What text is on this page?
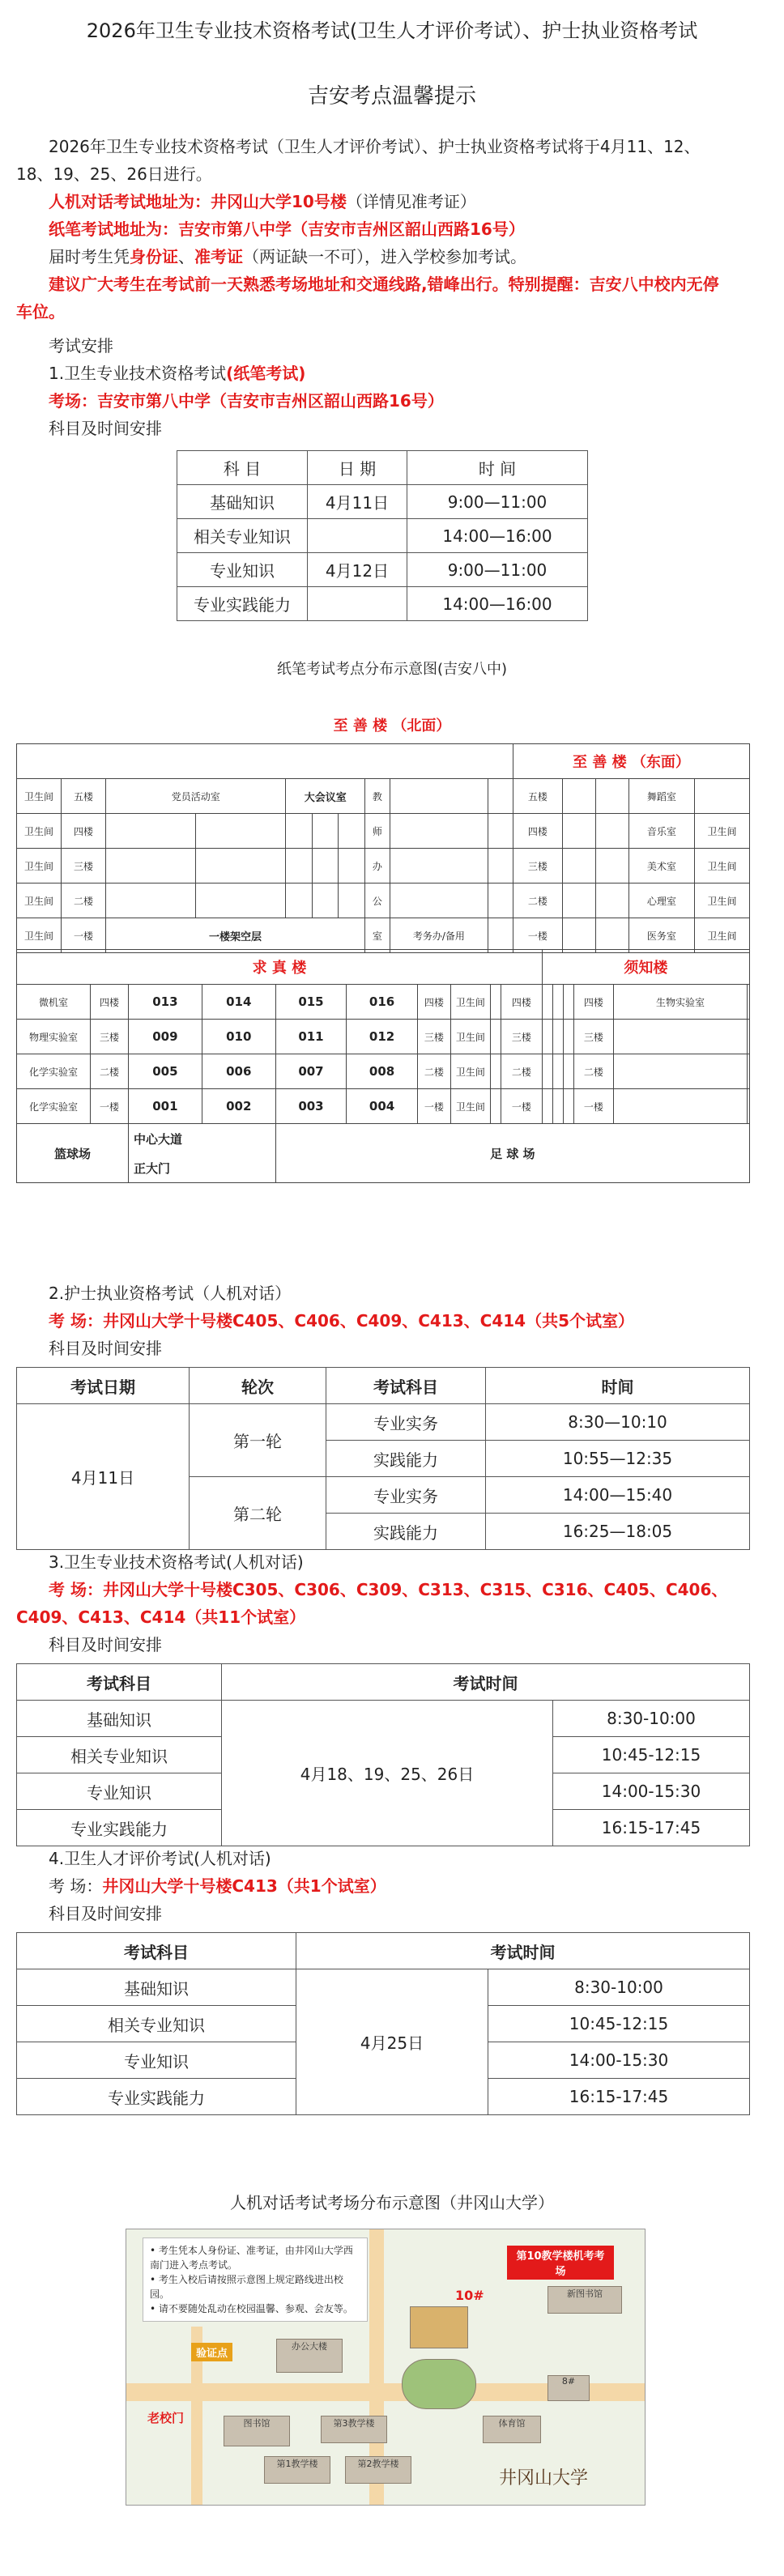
2026年卫生专业技术资格考试(卫生人才评价考试）、护士执业资格考试
吉安考点温馨提示

2026年卫生专业技术资格考试（卫生人才评价考试）、护士执业资格考试将于4月11、12、

18、19、25、26日进行。

人机对话考试地址为：井冈山大学10号楼（详情见准考证）

纸笔考试地址为：吉安市第八中学（吉安市吉州区韶山西路16号）

届时考生凭身份证、准考证（两证缺一不可），进入学校参加考试。

建议广大考生在考试前一天熟悉考场地址和交通线路,错峰出行。特别提醒：吉安八中校内无停

车位。

考试安排

1.卫生专业技术资格考试(纸笔考试)

考场：吉安市第八中学（吉安市吉州区韶山西路16号）

科目及时间安排

科 目	日 期	时 间
基础知识	4月11日	9:00—11:00
相关专业知识		14:00—16:00
专业知识	4月12日	9:00—11:00
专业实践能力		14:00—16:00
纸笔考试考点分布示意图(吉安八中)
至 善 楼 （北面）
										至 善 楼 （东面）				
卫生间	五楼	党员活动室		大会议室			教			五楼			舞蹈室	
卫生间	四楼						师			四楼			音乐室	卫生间
卫生间	三楼						办			三楼			美术室	卫生间
卫生间	二楼						公			二楼			心理室	卫生间
卫生间	一楼	一楼架空层					室	考务办/备用		一楼			医务室	卫生间
求 真 楼										须知楼					
微机室	四楼	013	014	015	016	四楼	卫生间		四楼				四楼	生物实验室	
物理实验室	三楼	009	010	011	012	三楼	卫生间		三楼				三楼		
化学实验室	二楼	005	006	007	008	二楼	卫生间		二楼				二楼		
化学实验室	一楼	001	002	003	004	一楼	卫生间		一楼				一楼		
篮球场		中心大道		足 球 场											
		正大门													

2.护士执业资格考试（人机对话）

考 场：井冈山大学十号楼C405、C406、C409、C413、C414（共5个试室）

科目及时间安排

考试日期	轮次	考试科目	时间
4月11日	第一轮	专业实务	8:30—10:10
		实践能力	10:55—12:35
	第二轮	专业实务	14:00—15:40
		实践能力	16:25—18:05

3.卫生专业技术资格考试(人机对话)

考 场：井冈山大学十号楼C305、C306、C309、C313、C315、C316、C405、C406、

C409、C413、C414（共11个试室）

科目及时间安排

考试科目	考试时间	
基础知识	4月18、19、25、26日	8:30-10:00
相关专业知识		10:45-12:15
专业知识		14:00-15:30
专业实践能力		16:15-17:45

4.卫生人才评价考试(人机对话)

考 场：井冈山大学十号楼C413（共1个试室）

科目及时间安排

考试科目	考试时间	
基础知识	4月25日	8:30-10:00
相关专业知识		10:45-12:15
专业知识		14:00-15:30
专业实践能力		16:15-17:45
人机对话考试考场分布示意图（井冈山大学）
• 考生凭本人身份证、准考证，由井冈山大学西南门进入考点考试。
• 考生入校后请按照示意图上规定路线进出校园。
• 请不要随处乱动在校园温馨、参观、会友等。
验证点
老校门
第10教学楼机考考场
10#
办公大楼
图书馆
第1教学楼	第2教学楼
第3教学楼
新图书馆
体育馆
8#
井冈山大学
